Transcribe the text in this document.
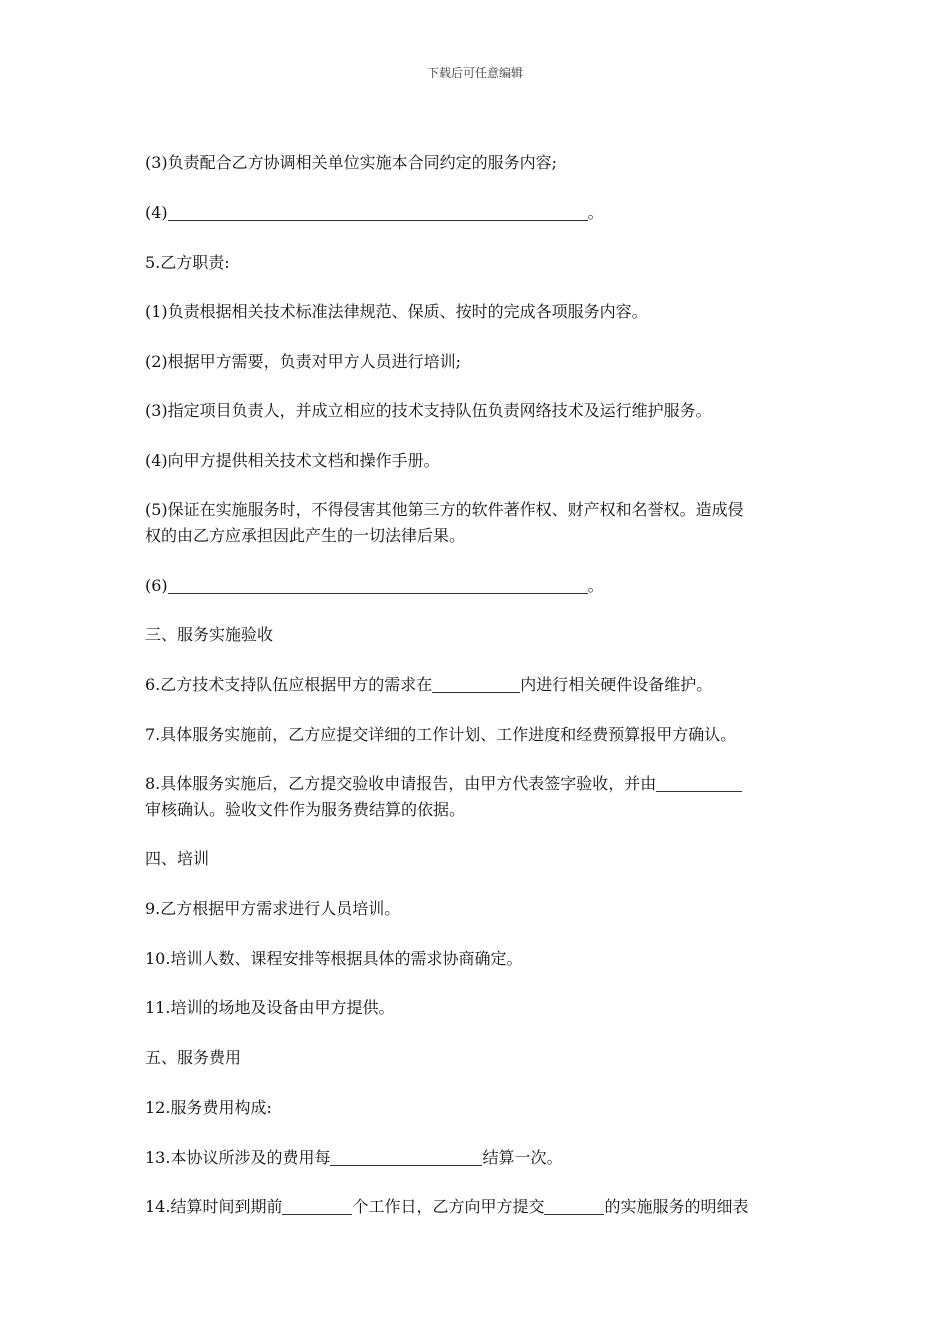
下载后可任意编辑
(3)负责配合乙方协调相关单位实施本合同约定的服务内容;
(4)	。
5.乙方职责:
(1)负责根据相关技术标准法律规范、保质、按时的完成各项服务内容。
(2)根据甲方需要，负责对甲方人员进行培训;
(3)指定项目负责人，并成立相应的技术支持队伍负责网络技术及运行维护服务。
(4)向甲方提供相关技术文档和操作手册。
(5)保证在实施服务时，不得侵害其他第三方的软件著作权、财产权和名誉权。造成侵
权的由乙方应承担因此产生的一切法律后果。
(6)	。
三、服务实施验收
6.乙方技术支持队伍应根据甲方的需求在	内进行相关硬件设备维护。
7.具体服务实施前，乙方应提交详细的工作计划、工作进度和经费预算报甲方确认。
8.具体服务实施后，乙方提交验收申请报告，由甲方代表签字验收，并由
审核确认。验收文件作为服务费结算的依据。
四、培训
9.乙方根据甲方需求进行人员培训。
10.培训人数、课程安排等根据具体的需求协商确定。
11.培训的场地及设备由甲方提供。
五、服务费用
12.服务费用构成:
13.本协议所涉及的费用每	结算一次。
14.结算时间到期前	个工作日，乙方向甲方提交	的实施服务的明细表
